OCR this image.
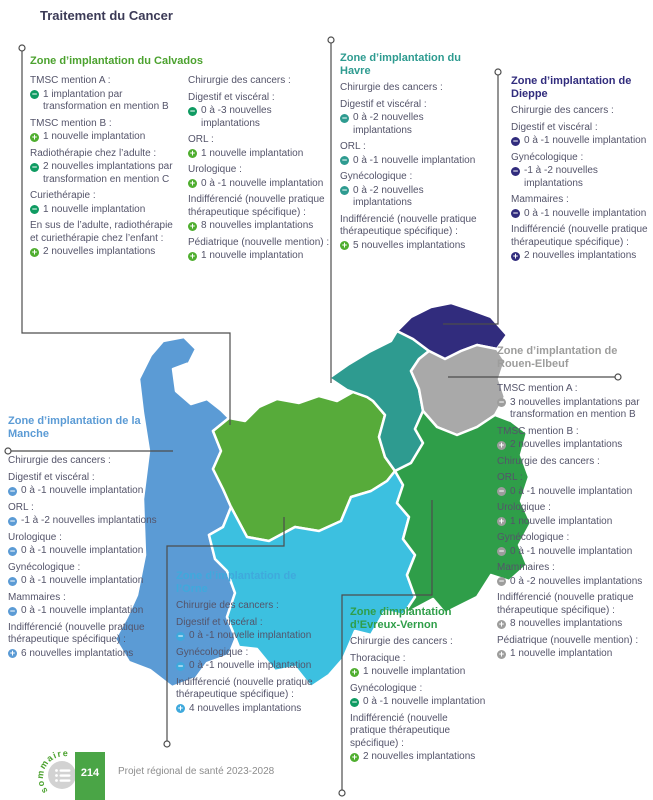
Traitement du Cancer
Zone d’implantation du Calvados
TMSC mention A :
− 1 implantation par transformation en mention B
TMSC mention B :
+ 1 nouvelle implantation
Radiothérapie chez l’adulte :
− 2 nouvelles implantations par transformation en mention C
Curiethérapie :
− 1 nouvelle implantation
En sus de l’adulte, radiothérapie et curiethérapie chez l’enfant :
+ 2 nouvelles implantations
Chirurgie des cancers :
Digestif et viscéral :
− 0 à -3 nouvelles implantations
ORL :
+ 1 nouvelle implantation
Urologique :
+ 0 à -1 nouvelle implantation
Indifférencié (nouvelle pratique thérapeutique spécifique) :
+ 8 nouvelles implantations
Pédiatrique (nouvelle mention) :
+ 1 nouvelle implantation
Zone d’implantation du Havre
Chirurgie des cancers :
Digestif et viscéral :
− 0 à -2 nouvelles implantations
ORL :
− 0 à -1 nouvelle implantation
Gynécologique :
− 0 à -2 nouvelles implantations
Indifférencié (nouvelle pratique thérapeutique spécifique) :
+ 5 nouvelles implantations
Zone d’implantation de Dieppe
Chirurgie des cancers :
Digestif et viscéral :
− 0 à -1 nouvelle implantation
Gynécologique :
− -1 à -2 nouvelles implantations
Mammaires :
− 0 à -1 nouvelle implantation
Indifférencié (nouvelle pratique thérapeutique spécifique) :
+ 2 nouvelles implantations
Zone d’implantation de Rouen-Elbeuf
TMSC mention A :
− 3 nouvelles implantations par transformation en mention B
TMSC mention B :
+ 2 nouvelles implantations
Chirurgie des cancers :
ORL :
− 0 à -1 nouvelle implantation
Urologique :
+ 1 nouvelle implantation
Gynécologique :
− 0 à -1 nouvelle implantation
Mammaires :
− 0 à -2 nouvelles implantations
Indifférencié (nouvelle pratique thérapeutique spécifique) :
+ 8 nouvelles implantations
Pédiatrique (nouvelle mention) :
+ 1 nouvelle implantation
Zone d’implantation de la Manche
Chirurgie des cancers :
Digestif et viscéral :
− 0 à -1 nouvelle implantation
ORL :
− -1 à -2 nouvelles implantations
Urologique :
− 0 à -1 nouvelle implantation
Gynécologique :
− 0 à -1 nouvelle implantation
Mammaires :
− 0 à -1 nouvelle implantation
Indifférencié (nouvelle pratique thérapeutique spécifique) :
+ 6 nouvelles implantations
Zone d’implantation de l’Orne
Chirurgie des cancers :
Digestif et viscéral :
− 0 à -1 nouvelle implantation
Gynécologique :
− 0 à -1 nouvelle implantation
Indifférencié (nouvelle pratique thérapeutique spécifique) :
+ 4 nouvelles implantations
Zone dimplantation d’Evreux-Vernon
Chirurgie des cancers :
Thoracique :
+ 1 nouvelle implantation
Gynécologique :
− 0 à -1 nouvelle implantation
Indifférencié (nouvelle pratique thérapeutique spécifique) :
+ 2 nouvelles implantations
sommaire
214	Projet régional de santé 2023-2028
